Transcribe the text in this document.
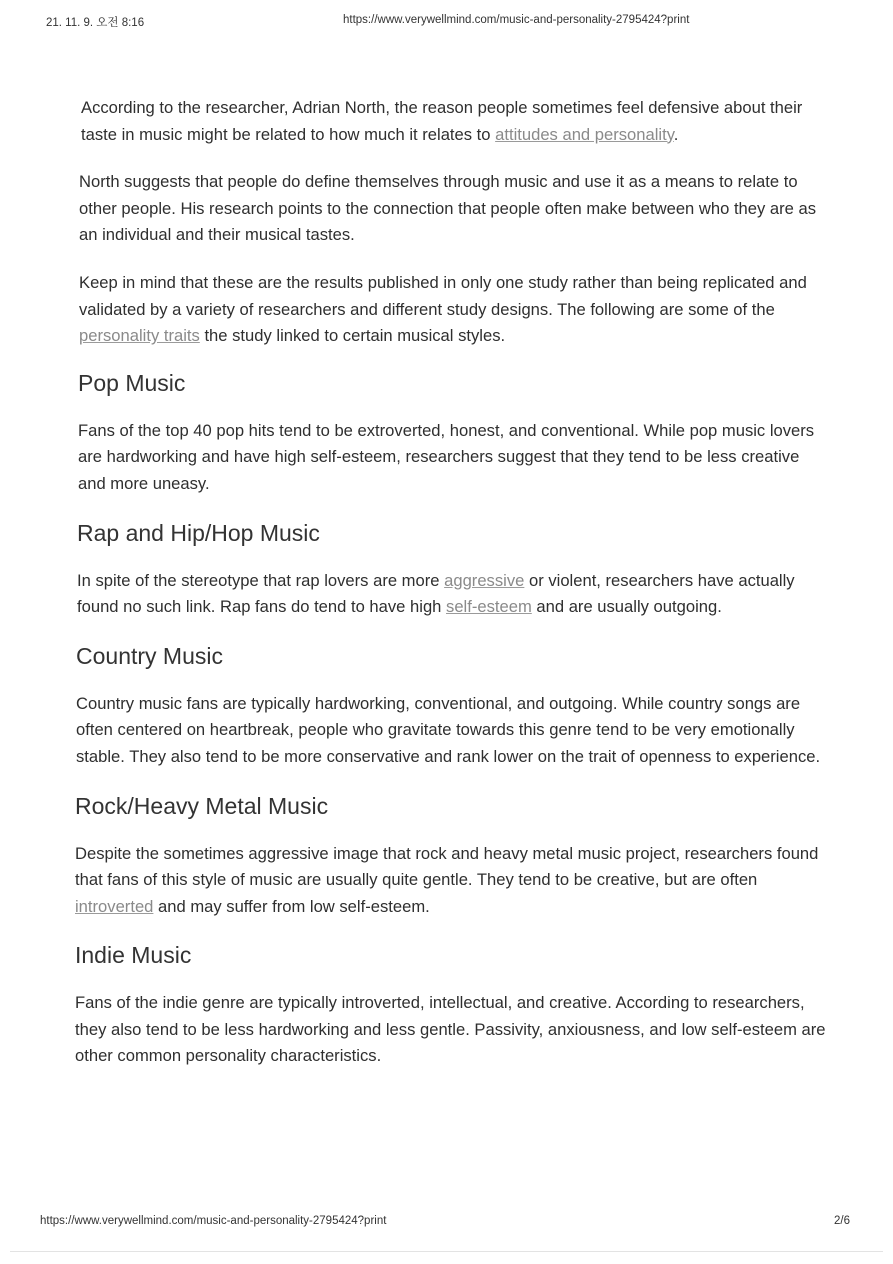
21. 11. 9. 오전 8:16	https://www.verywellmind.com/music-and-personality-2795424?print

According to the researcher, Adrian North, the reason people sometimes feel defensive about their taste in music might be related to how much it relates to attitudes and personality.

North suggests that people do define themselves through music and use it as a means to relate to other people. His research points to the connection that people often make between who they are as an individual and their musical tastes.

Keep in mind that these are the results published in only one study rather than being replicated and validated by a variety of researchers and different study designs. The following are some of the personality traits the study linked to certain musical styles.

Pop Music

Fans of the top 40 pop hits tend to be extroverted, honest, and conventional. While pop music lovers are hardworking and have high self-esteem, researchers suggest that they tend to be less creative and more uneasy.

Rap and Hip/Hop Music

In spite of the stereotype that rap lovers are more aggressive or violent, researchers have actually found no such link. Rap fans do tend to have high self-esteem and are usually outgoing.

Country Music

Country music fans are typically hardworking, conventional, and outgoing. While country songs are often centered on heartbreak, people who gravitate towards this genre tend to be very emotionally stable. They also tend to be more conservative and rank lower on the trait of openness to experience.

Rock/Heavy Metal Music

Despite the sometimes aggressive image that rock and heavy metal music project, researchers found that fans of this style of music are usually quite gentle. They tend to be creative, but are often introverted and may suffer from low self-esteem.

Indie Music

Fans of the indie genre are typically introverted, intellectual, and creative. According to researchers, they also tend to be less hardworking and less gentle. Passivity, anxiousness, and low self-esteem are other common personality characteristics.

https://www.verywellmind.com/music-and-personality-2795424?print	2/6
